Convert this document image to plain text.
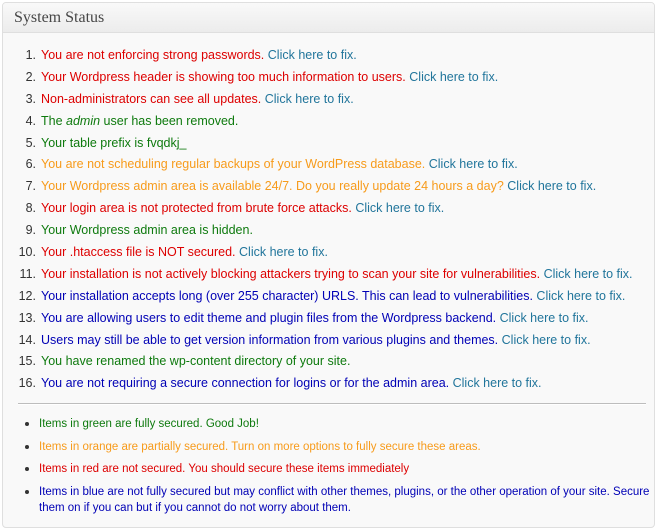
System Status
1. You are not enforcing strong passwords. Click here to fix.
2. Your Wordpress header is showing too much information to users. Click here to fix.
3. Non-administrators can see all updates. Click here to fix.
4. The admin user has been removed.
5. Your table prefix is fvqdkj_
6. You are not scheduling regular backups of your WordPress database. Click here to fix.
7. Your Wordpress admin area is available 24/7. Do you really update 24 hours a day? Click here to fix.
8. Your login area is not protected from brute force attacks. Click here to fix.
9. Your Wordpress admin area is hidden.
10. Your .htaccess file is NOT secured. Click here to fix.
11. Your installation is not actively blocking attackers trying to scan your site for vulnerabilities. Click here to fix.
12. Your installation accepts long (over 255 character) URLS. This can lead to vulnerabilities. Click here to fix.
13. You are allowing users to edit theme and plugin files from the Wordpress backend. Click here to fix.
14. Users may still be able to get version information from various plugins and themes. Click here to fix.
15. You have renamed the wp-content directory of your site.
16. You are not requiring a secure connection for logins or for the admin area. Click here to fix.
Items in green are fully secured. Good Job!
Items in orange are partially secured. Turn on more options to fully secure these areas.
Items in red are not secured. You should secure these items immediately
Items in blue are not fully secured but may conflict with other themes, plugins, or the other operation of your site. Secure them on if you can but if you cannot do not worry about them.
